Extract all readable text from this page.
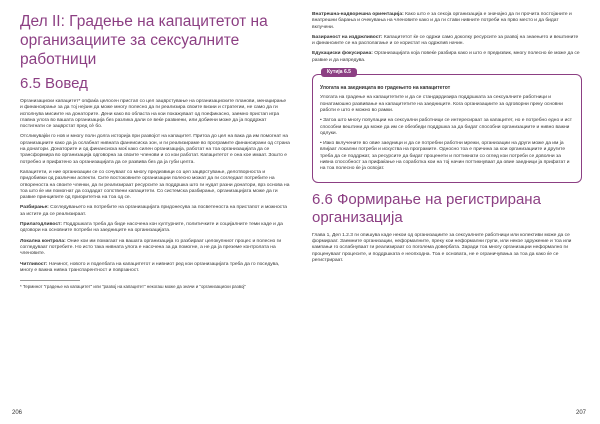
Дел II: Градење на капацитетот на организациите за сексуалните работници
6.5 Вовед

Организациски капацитет* опфаќа целосен пристап со цел зацврстување на организациските планови, менаџирање и финансирање за да тој нејзин да може многу полесно да ги реализира своите визии и стратегии, не само да ги исполнува мисиите на донаторите. Дени како во областа на кои покажуваат од поефикасно, заемно пристап игра главна улога во вашата организација без разлика дали се веќе развиени, или добиени може да ја поддржат постигнати се зацврстат пред сѐ бо.

Отсликувајќи го нов и многу полн долга историја при развојот на капацитет. Притоа до цел на вака да им помогнат на организациите како да ја ослабнат нивната фанеисиска зон, и ги реализираме во програмите финансирани од страна на донатори. Донаторите и од финансиска моќ како силен организација, работат на тоа организацијата да се трансформира во организација одговорна за своите членови и со кои работат. Капацитетот е она кое имаат. Зошто е потребно и прифатено за организацијата да се развива без да ја губи целта.

Капацитети, и ние организации се со сочуваат со многу предизвици со цел зацврстување, делотворноста и придобивки од различни аспекти. Сите востоковните организации полесно можат да ги согледаат потребите на отвореноста на своите членки, да ги реализираат ресурсите за поддршка што ги нудат разни донатори, врз основа на тоа што ќе им помогнат да создадат сопствени капацитети. Со системска разбирање, организацијата може да ги развие принципите од приоритетна на тоа од се.

Разбирање: Согледувањето на потребите на организацијата придонесува за посветеноста на пристапот и можноста за истите да се реализираат.

Прилагодливост: Поддршката треба да биде насочена кон културните, политичките и социјалните теми каде и да одговори на основните потреби на заедниците на организацијата.

Локална контрола: Оние кои им помагаат на вашата организација го разбираат целокупниот процес и полесно ги согледуваат потребите. Но исто така нивната улога е насочена за да помогне, а не да ја преземе контролата на членовите.

Читливост: Начинот, новото и поделбата на капацитетот и нивниот ред кои организацијата треба да го поседува, многу е важна нивна транспарентност и поврзаност.

* Терминот "градење на капацитет" или "развој на капацитет" некогаш може да значи и "организациски развој"

206

Внатрешна-надворешна ориентација: Како што е за секоја организација е значајно да ги прочита постојаните и внатрешни барања и очекувања на членовите како и да ги стави нивните потреби на прво место и да бидат вклучени.

Базираност на издржливост: Капацитетот ќе се одржи само доколку ресурсите за развој на знаењето и вештините и финансиите се на располагање и се користат на одржлив начин.

Едукациски фокусирана: Организацијата која повеќе разбира како и што е предизвик, многу полесно ќе може да се развие и да напредува.

Кутија 6.5
Улогата на заедницата во градењето на капацитетот

Улогата на градење на капацитетите и да се стандардизира поддршката за сексуалните работници и понатамошно развивање на капацитетите на заедниците. Кога организациите за одговорни преку основни работи е што е можно во рамки.

• Затоа што многу популации на сексуални работници се интересираат за капацитет, но е потребно едно и ист способни вештини да може да им се обезбеди поддршка за да бидат способни организациите и нивно важни одлуки.

• Иако вклучените во овие заедници и да се потребни работни мрежи, организации на други може да им ја влијаат локални потреби и искуства на програмите. Односно тоа е причина за кои организациите и другите треба да се поддржат, за ресурсите да бидат проценети и поттикнати со оглед кои потреби се доволни за нивна способност за прифаќање на соработка кои на тој начин поттикнуваат да овие заедници ја прифатат и на тоа полесно ќе ја освојат.

6.6 Формирање на регистрирана организација

Глава 1, Дел 1.2.3 ги опишува каде некои од организациите за сексуалните работници или колективи може да се формираат. Заемните организации, неформалните, преку кои неформални групи, или некое здружение и тоа или кампањи го ослабнуваат ги реализираат со поголема довербата. Заради тоа многу организации неформално ги проценуваат процесите, и поддршката е неопходна. Тоа е основата, не е ограничувања за тоа да како ќе се регистрираат.

207
